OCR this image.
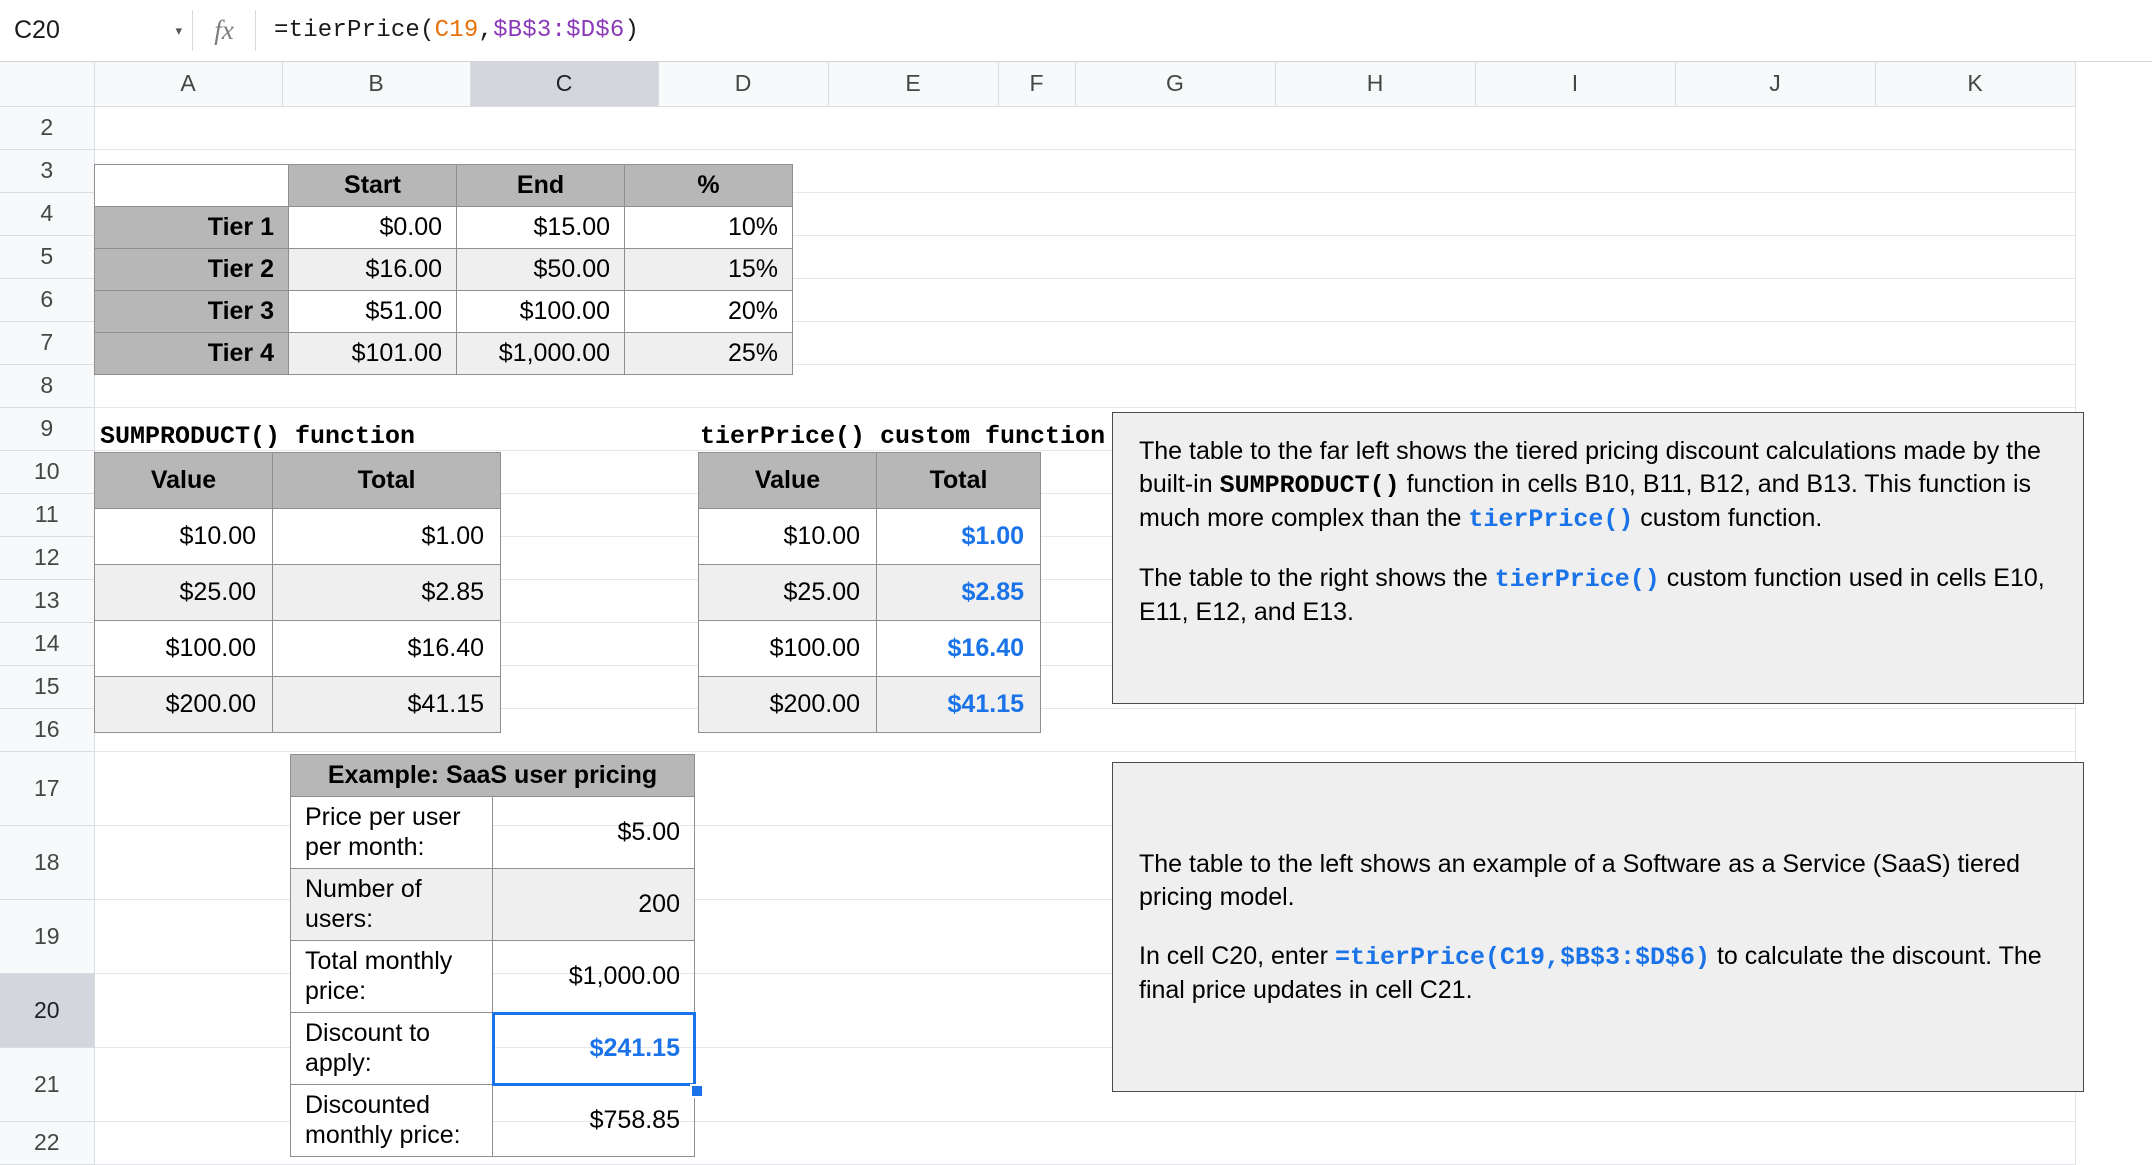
C20	▾ fx =tierPrice( C19 , $B$3:$D$6 )
	A	B	C	D	E	F	G	H	I	J	K
2											
3											
4											
5											
6											
7											
8											
9											
10											
11											
12											
13											
14											
15											
16											
17											
18											
19											
20											
21											
22											
	Start	End	%
Tier 1	$0.00	$15.00	10%
Tier 2	$16.00	$50.00	15%
Tier 3	$51.00	$100.00	20%
Tier 4	$101.00	$1,000.00	25%
SUMPRODUCT() function
Value	Total
$10.00	$1.00
$25.00	$2.85
$100.00	$16.40
$200.00	$41.15
tierPrice() custom function
Value	Total
$10.00	$1.00
$25.00	$2.85
$100.00	$16.40
$200.00	$41.15
Example: SaaS user pricing	
Price per user per month:	$5.00
Number of users:	200
Total monthly price:	$1,000.00
Discount to apply:	$241.15
Discounted monthly price:	$758.85

The table to the far left shows the tiered pricing discount calculations made by the built-in SUMPRODUCT() function in cells B10, B11, B12, and B13. This function is much more complex than the tierPrice() custom function.

The table to the right shows the tierPrice() custom function used in cells E10, E11, E12, and E13.

The table to the left shows an example of a Software as a Service (SaaS) tiered pricing model.

In cell C20, enter =tierPrice(C19,$B$3:$D$6) to calculate the discount. The final price updates in cell C21.
